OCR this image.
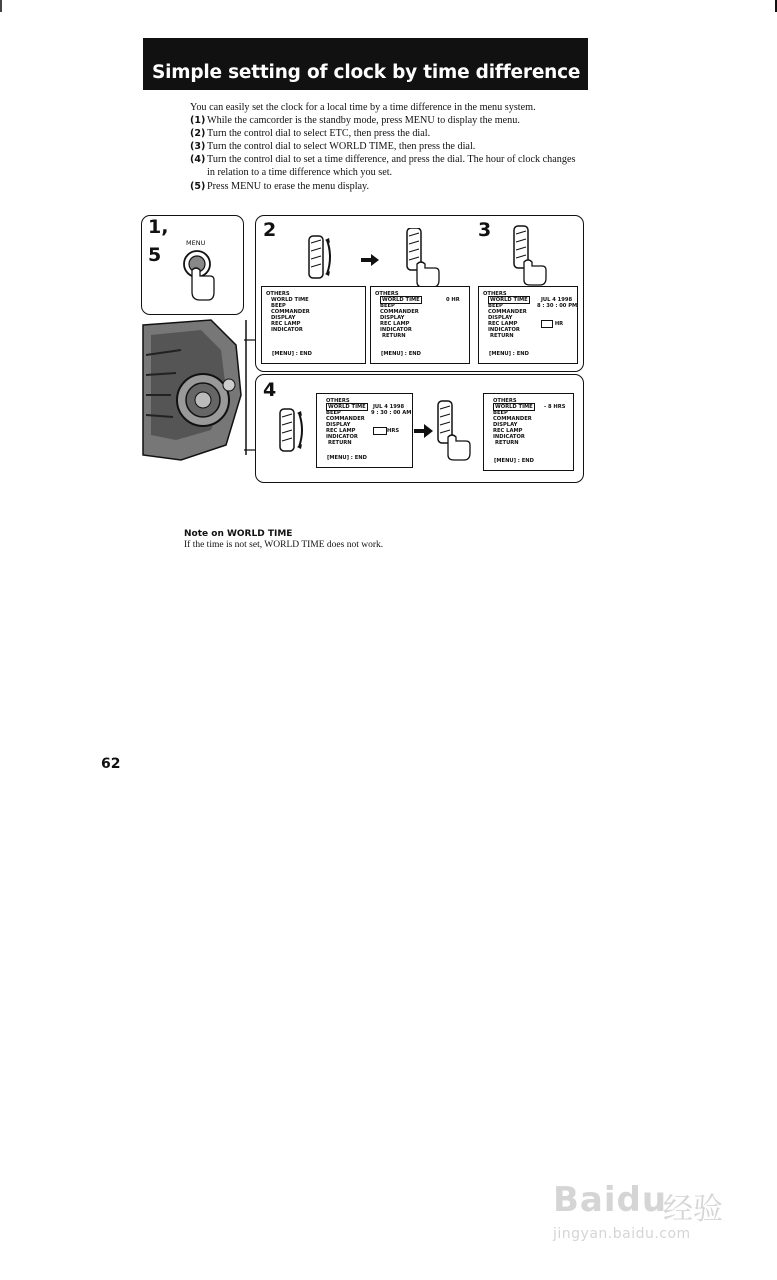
Simple setting of clock by time difference
You can easily set the clock for a local time by a time difference in the menu system.
(1) While the camcorder is the standby mode, press MENU to display the menu.
(2) Turn the control dial to select ETC, then press the dial.
(3) Turn the control dial to select WORLD TIME, then press the dial.
(4) Turn the control dial to set a time difference, and press the dial. The hour of clock changes in relation to a time difference which you set.
(5) Press MENU to erase the menu display.
1,
5
MENU
2	3
OTHERS
WORLD TIME
BEEP
COMMANDER
DISPLAY
REC LAMP
INDICATOR
[MENU] : END
OTHERS
WORLD TIME	0 HR
BEEP
COMMANDER
DISPLAY
REC LAMP
INDICATOR
RETURN
[MENU] : END
OTHERS
WORLD TIME	JUL 4 1998
BEEP	8 : 30 : 00 PM
COMMANDER
DISPLAY
REC LAMP	HR
INDICATOR
RETURN
[MENU] : END
4	OTHERS
WORLD TIME	JUL 4 1998
BEEP	9 : 30 : 00 AM
COMMANDER
DISPLAY
REC LAMP	HRS
INDICATOR
RETURN
[MENU] : END
OTHERS
WORLD TIME	- 8 HRS
BEEP
COMMANDER
DISPLAY
REC LAMP
INDICATOR
RETURN
[MENU] : END
Note on WORLD TIME
If the time is not set, WORLD TIME does not work.
62
Baidu
经验
jingyan.baidu.com
